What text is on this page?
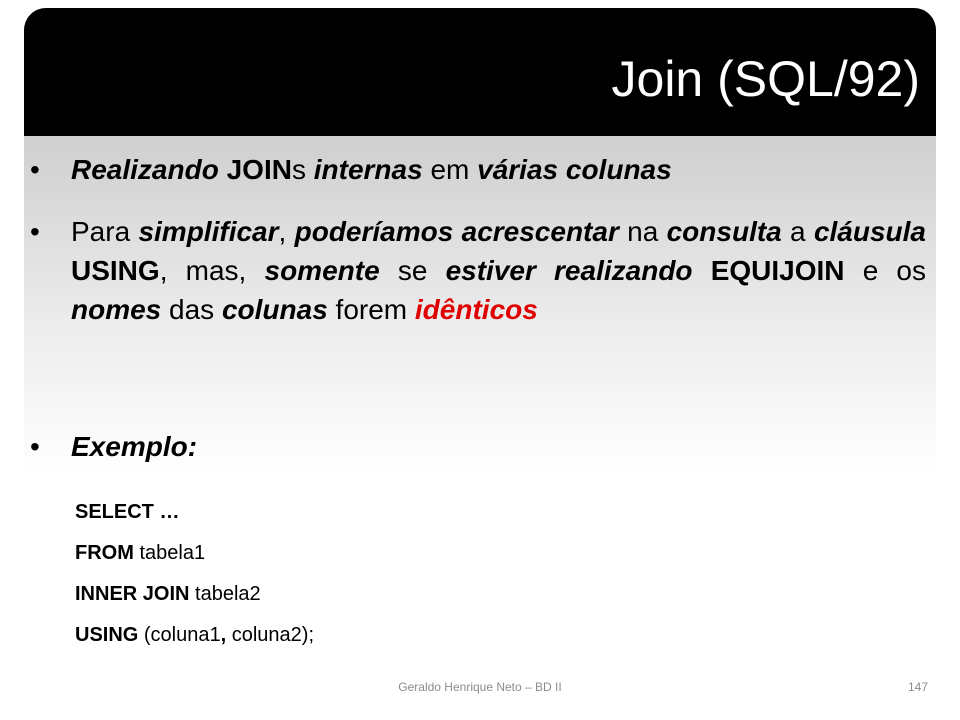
Join (SQL/92)
• Realizando JOINs internas em várias colunas
• Para simplificar, poderíamos acrescentar na consulta a cláusula USING, mas, somente se estiver realizando EQUIJOIN e os nomes das colunas forem idênticos
• Exemplo:
SELECT …
FROM tabela1
INNER JOIN tabela2
USING (coluna1, coluna2);
Geraldo Henrique Neto – BD II	147
